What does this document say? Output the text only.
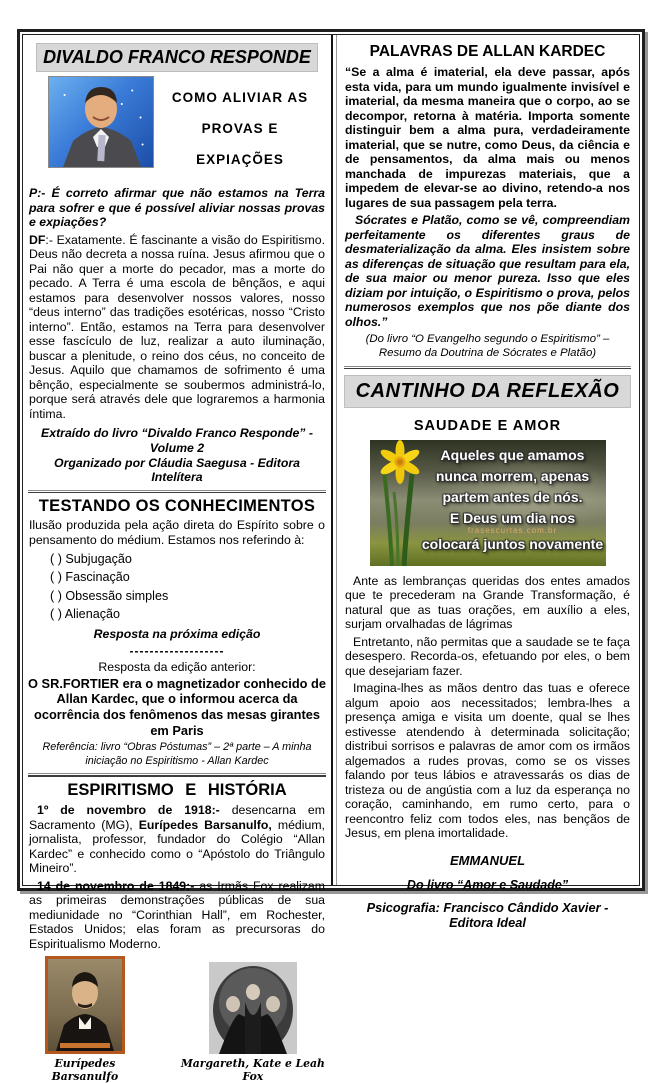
DIVALDO FRANCO RESPONDE
COMO ALIVIAR AS
PROVAS E
EXPIAÇÕES

P:- É correto afirmar que não estamos na Terra para sofrer e que é possível aliviar nossas provas e expiações?

DF:- Exatamente. É fascinante a visão do Espiritismo. Deus não decreta a nossa ruína. Jesus afirmou que o Pai não quer a morte do pecador, mas a morte do pecado. A Terra é uma escola de bênçãos, e aqui estamos para desenvolver nossos valores, nosso “deus interno” das tradições esotéricas, nosso “Cristo interno”. Então, estamos na Terra para desenvolver esse fascículo de luz, realizar a auto iluminação, buscar a plenitude, o reino dos céus, no conceito de Jesus. Aquilo que chamamos de sofrimento é uma bênção, especialmente se soubermos administrá-lo, porque será através dele que lograremos a harmonia íntima.

Extraído do livro “Divaldo Franco Responde” - Volume 2
Organizado por Cláudia Saegusa - Editora Intelítera
TESTANDO OS CONHECIMENTOS

Ilusão produzida pela ação direta do Espírito sobre o pensamento do médium. Estamos nos referindo à:

( ) Subjugação
( ) Fascinação
( ) Obsessão simples
( ) Alienação
Resposta na próxima edição
-------------------
Resposta da edição anterior:
O SR.FORTIER era o magnetizador conhecido de Allan Kardec, que o informou acerca da ocorrência dos fenômenos das mesas girantes em Paris
Referência: livro “Obras Póstumas” – 2ª parte – A minha iniciação no Espiritismo - Allan Kardec
ESPIRITISMO E HISTÓRIA

1º de novembro de 1918:- desencarna em Sacramento (MG), Eurípedes Barsanulfo, médium, jornalista, professor, fundador do Colégio “Allan Kardec” e conhecido como o “Apóstolo do Triângulo Mineiro”.

14 de novembro de 1849:- as Irmãs Fox realizam as primeiras demonstrações públicas de sua mediunidade no “Corinthian Hall”, em Rochester, Estados Unidos; elas foram as precursoras do Espiritualismo Moderno.

Eurípedes Barsanulfo
Margareth, Kate e Leah Fox
PALAVRAS DE ALLAN KARDEC

“Se a alma é imaterial, ela deve passar, após esta vida, para um mundo igualmente invisível e imaterial, da mesma maneira que o corpo, ao se decompor, retorna à matéria. Importa somente distinguir bem a alma pura, verdadeiramente imaterial, que se nutre, como Deus, da ciência e de pensamentos, da alma mais ou menos manchada de impurezas materiais, que a impedem de elevar-se ao divino, retendo-a nos lugares de sua passagem pela terra.

Sócrates e Platão, como se vê, compreendiam perfeitamente os diferentes graus de desmaterialização da alma. Eles insistem sobre as diferenças de situação que resultam para ela, de sua maior ou menor pureza. Isso que eles diziam por intuição, o Espiritismo o prova, pelos numerosos exemplos que nos põe diante dos olhos.”

(Do livro “O Evangelho segundo o Espiritismo” – Resumo da Doutrina de Sócrates e Platão)
CANTINHO DA REFLEXÃO
SAUDADE E AMOR
Aqueles que amamos
nunca morrem, apenas
partem antes de nós.
E Deus um dia nos
frasescurtas.com.br
colocará juntos novamente

Ante as lembranças queridas dos entes amados que te precederam na Grande Transformação, é natural que as tuas orações, em auxílio a eles, surjam orvalhadas de lágrimas

Entretanto, não permitas que a saudade se te faça desespero. Recorda-os, efetuando por eles, o bem que desejariam fazer.

Imagina-lhes as mãos dentro das tuas e oferece algum apoio aos necessitados; lembra-lhes a presença amiga e visita um doente, qual se lhes estivesse atendendo à determinada solicitação; distribui sorrisos e palavras de amor com os irmãos algemados a rudes provas, como se os visses falando por teus lábios e atravessarás os dias de tristeza ou de angústia com a luz da esperança no coração, caminhando, em rumo certo, para o reencontro feliz com todos eles, nas bençãos de Jesus, em plena imortalidade.

EMMANUEL
Do livro “Amor e Saudade”
Psicografia: Francisco Cândido Xavier - Editora Ideal
